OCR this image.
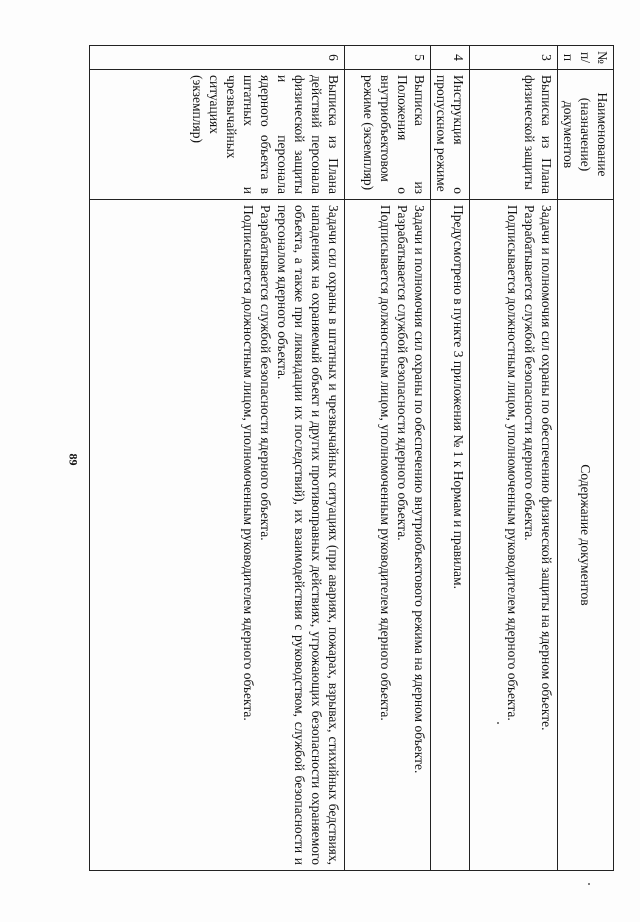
89
№ п/п	Наименование (назначение) документов	Содержание документов
3	Выписка из Плана физической защиты	Задачи и полномочия сил охраны по обеспечению физической защиты на ядерном объекте.

Разрабатывается службой безопасности ядерного объекта.

Подписывается должностным лицом, уполномоченным руководителем ядерного объекта.

4	Инструкция о пропускном режиме	Предусмотрено в пункте 3 приложения № 1 к Нормам и правилам.

5	Выписка из Положения о внутриобъектовом режиме (экземпляр)	Задачи и полномочия сил охраны по обеспечению внутриобъектового режима на ядерном объекте.

Разрабатывается службой безопасности ядерного объекта.

Подписывается должностным лицом, уполномоченным руководителем ядерного объекта.

6	Выписка из Плана действий персонала физической защиты и персонала ядерного объекта в штатных и чрезвычайных ситуациях (экземпляр)	Задачи сил охраны в штатных и чрезвычайных ситуациях (при авариях, пожарах, взрывах, стихийных бедствиях, нападениях на охраняемый объект и других противоправных действиях, угрожающих безопасности охраняемого объекта, а также при ликвидации их последствий), их взаимодействия с руководством, службой безопасности и персоналом ядерного объекта.

Разрабатывается службой безопасности ядерного объекта.

Подписывается должностным лицом, уполномоченным руководителем ядерного объекта.
